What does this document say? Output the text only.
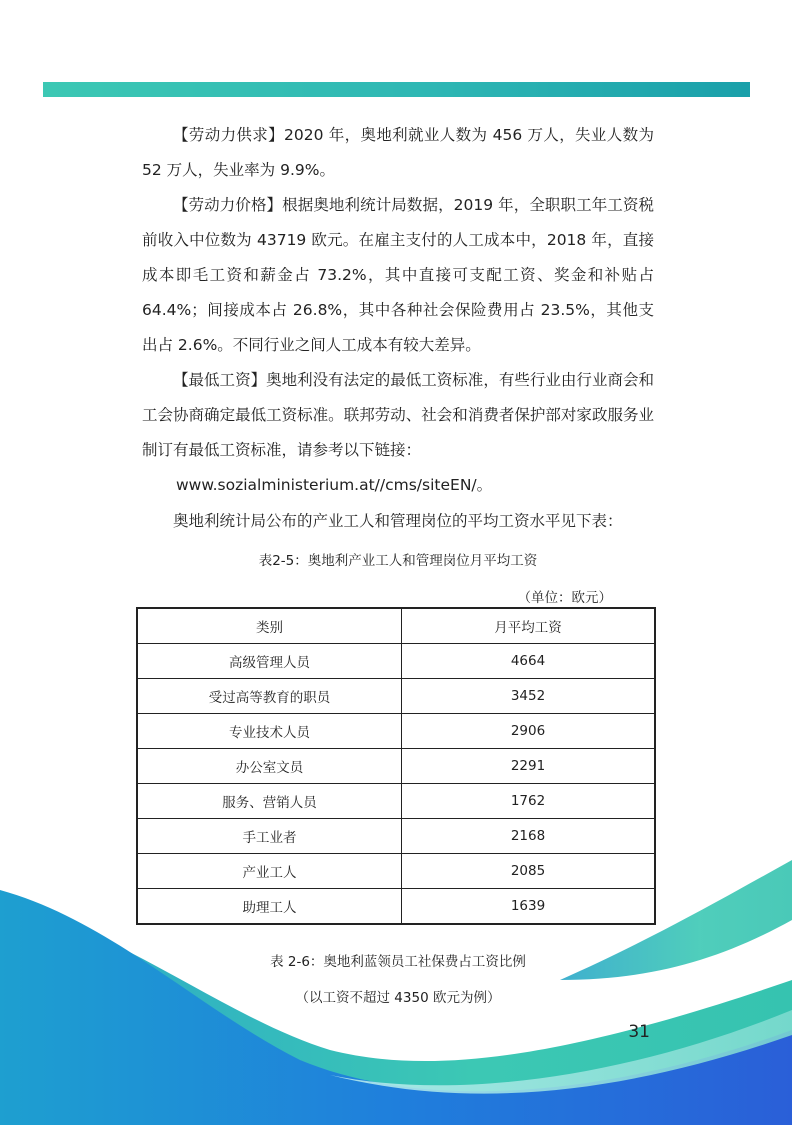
【劳动力供求】2020 年，奥地利就业人数为 456 万人，失业人数为 52 万人，失业率为 9.9%。

【劳动力价格】根据奥地利统计局数据，2019 年，全职职工年工资税前收入中位数为 43719 欧元。在雇主支付的人工成本中，2018 年，直接成本即毛工资和薪金占 73.2%，其中直接可支配工资、奖金和补贴占 64.4%；间接成本占 26.8%，其中各种社会保险费用占 23.5%，其他支出占 2.6%。不同行业之间人工成本有较大差异。

【最低工资】奥地利没有法定的最低工资标准，有些行业由行业商会和工会协商确定最低工资标准。联邦劳动、社会和消费者保护部对家政服务业制订有最低工资标准，请参考以下链接：

www.sozialministerium.at/​/cms/siteEN/。

奥地利统计局公布的产业工人和管理岗位的平均工资水平见下表：

表2-5：奥地利产业工人和管理岗位月平均工资
（单位：欧元）
类别	月平均工资
高级管理人员	4664
受过高等教育的职员	3452
专业技术人员	2906
办公室文员	2291
服务、营销人员	1762
手工业者	2168
产业工人	2085
助理工人	1639
表 2-6：奥地利蓝领员工社保费占工资比例
（以工资不超过 4350 欧元为例）
31
